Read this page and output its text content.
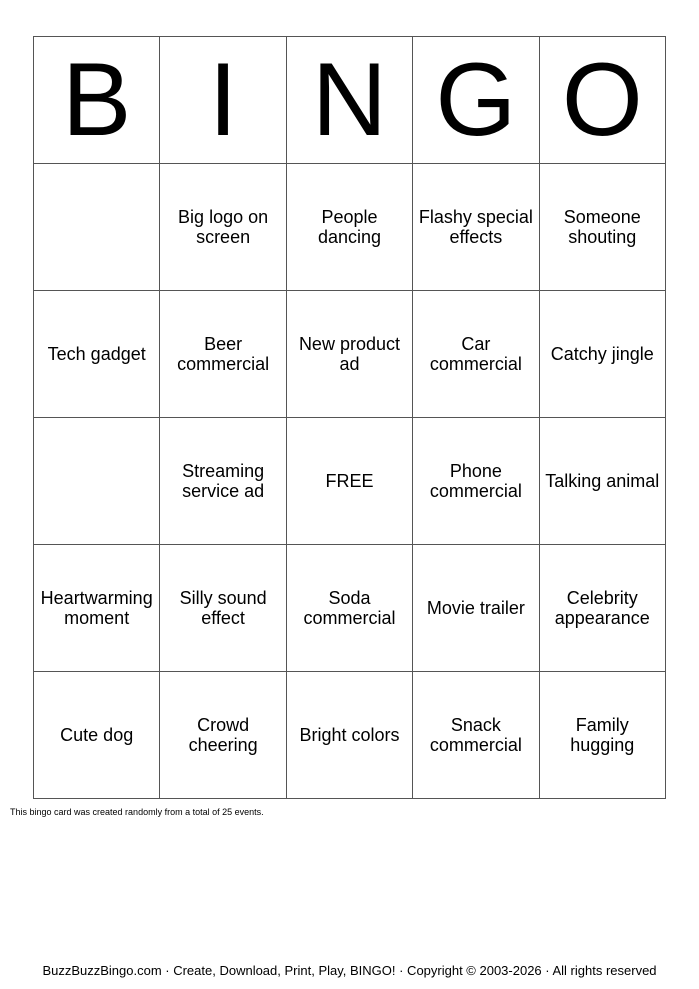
B	I	N	G	O
	Big logo on screen	People dancing	Flashy special effects	Someone shouting
Tech gadget	Beer commercial	New product ad	Car commercial	Catchy jingle
	Streaming service ad	FREE	Phone commercial	Talking animal
Heartwarming moment	Silly sound effect	Soda commercial	Movie trailer	Celebrity appearance
Cute dog	Crowd cheering	Bright colors	Snack commercial	Family hugging
This bingo card was created randomly from a total of 25 events.
BuzzBuzzBingo.com · Create, Download, Print, Play, BINGO! · Copyright © 2003-2026 · All rights reserved
